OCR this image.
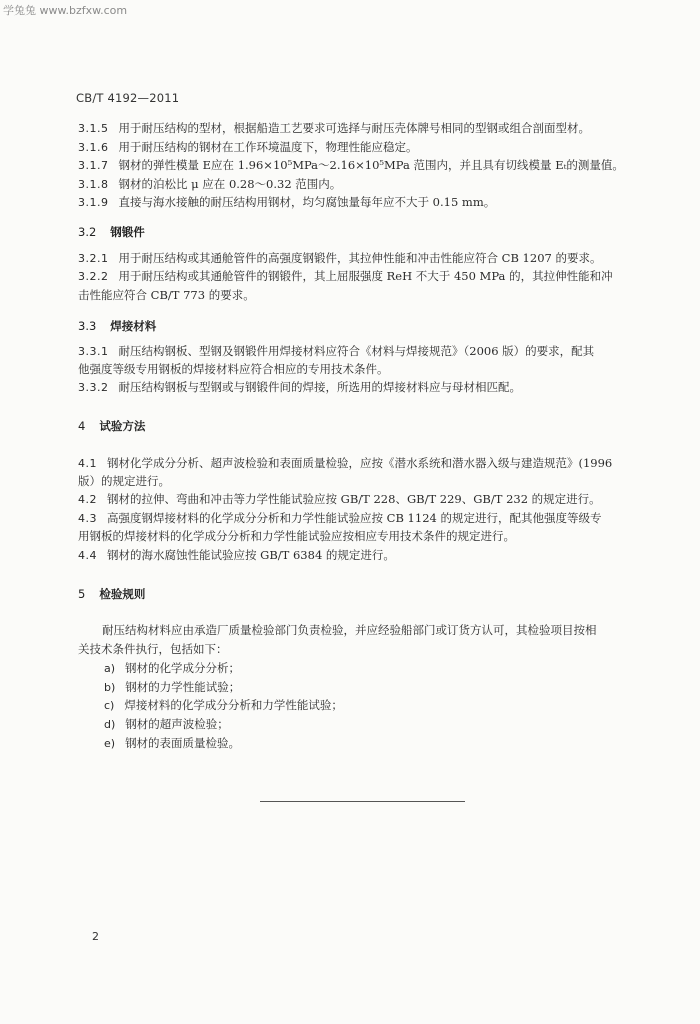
学兔兔 www.bzfxw.com
CB/T 4192—2011
3.1.5 用于耐压结构的型材，根据船造工艺要求可选择与耐压壳体牌号相同的型钢或组合剖面型材。
3.1.6 用于耐压结构的钢材在工作环境温度下，物理性能应稳定。
3.1.7 钢材的弹性模量 E应在 1.96×10⁵MPa～2.16×10⁵MPa 范围内，并且具有切线模量 Eₜ的测量值。
3.1.8 钢材的泊松比 μ 应在 0.28～0.32 范围内。
3.1.9 直接与海水接触的耐压结构用钢材，均匀腐蚀量每年应不大于 0.15 mm。
3.2 钢锻件
3.2.1 用于耐压结构或其通舱管件的高强度钢锻件，其拉伸性能和冲击性能应符合 CB 1207 的要求。
3.2.2 用于耐压结构或其通舱管件的钢锻件，其上屈服强度 ReH 不大于 450 MPa 的，其拉伸性能和冲
击性能应符合 CB/T 773 的要求。
3.3 焊接材料
3.3.1 耐压结构钢板、型钢及钢锻件用焊接材料应符合《材料与焊接规范》（2006 版）的要求，配其
他强度等级专用钢板的焊接材料应符合相应的专用技术条件。
3.3.2 耐压结构钢板与型钢或与钢锻件间的焊接，所选用的焊接材料应与母材相匹配。
4 试验方法
4.1 钢材化学成分分析、超声波检验和表面质量检验，应按《潜水系统和潜水器入级与建造规范》(1996
版）的规定进行。
4.2 钢材的拉伸、弯曲和冲击等力学性能试验应按 GB/T 228、GB/T 229、GB/T 232 的规定进行。
4.3 高强度钢焊接材料的化学成分分析和力学性能试验应按 CB 1124 的规定进行，配其他强度等级专
用钢板的焊接材料的化学成分分析和力学性能试验应按相应专用技术条件的规定进行。
4.4 钢材的海水腐蚀性能试验应按 GB/T 6384 的规定进行。
5 检验规则
耐压结构材料应由承造厂质量检验部门负责检验，并应经验船部门或订货方认可，其检验项目按相
关技术条件执行，包括如下：
a) 钢材的化学成分分析；
b) 钢材的力学性能试验；
c) 焊接材料的化学成分分析和力学性能试验；
d) 钢材的超声波检验；
e) 钢材的表面质量检验。
2
